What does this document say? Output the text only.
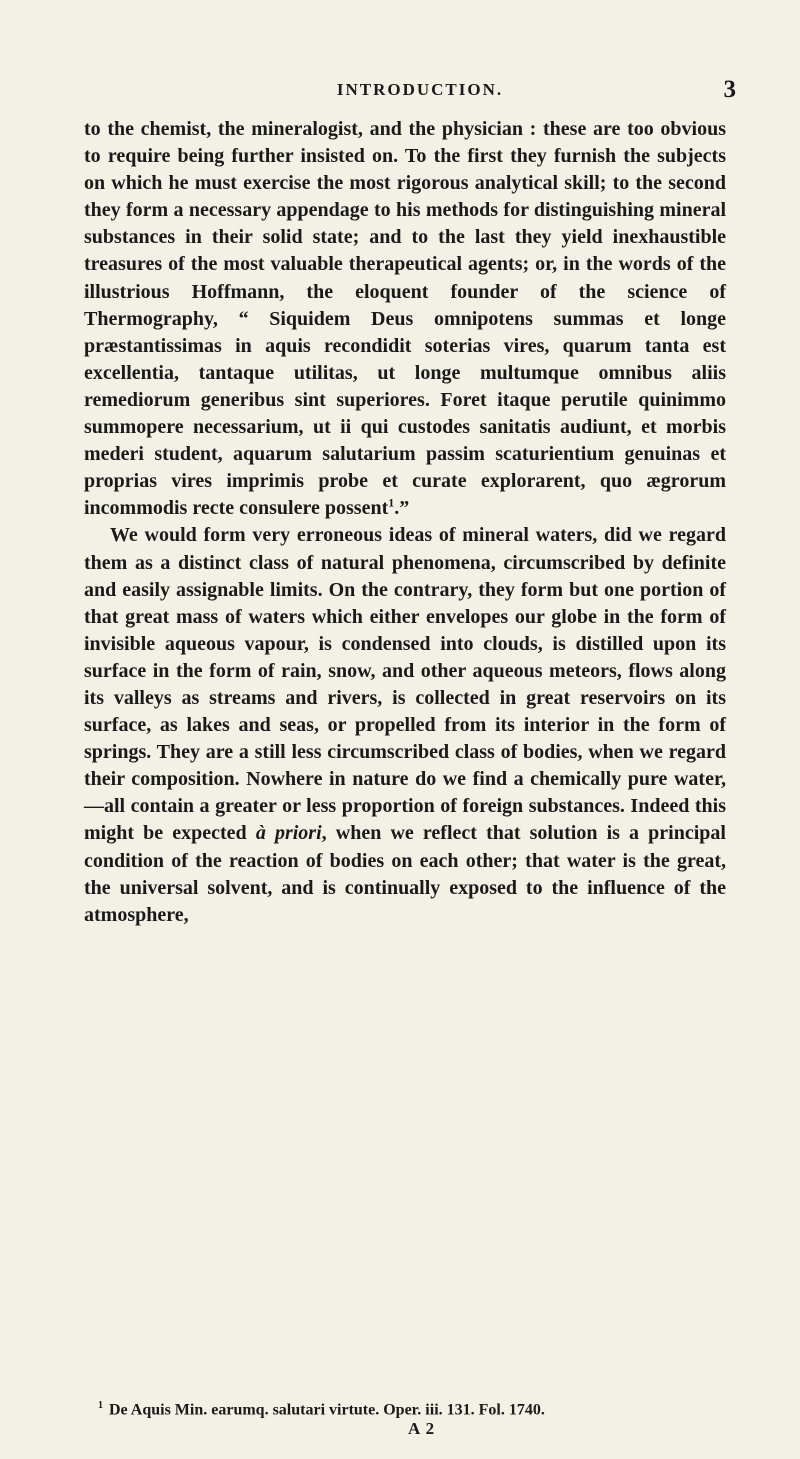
INTRODUCTION.	3

to the chemist, the mineralogist, and the physician : these are too obvious to require being further insisted on. To the first they furnish the subjects on which he must exercise the most rigorous analytical skill; to the second they form a necessary appendage to his methods for distinguishing mineral substances in their solid state; and to the last they yield inexhaustible treasures of the most valuable therapeutical agents; or, in the words of the illustrious Hoffmann, the eloquent founder of the science of Thermography, “ Siquidem Deus omnipotens summas et longe præstantissimas in aquis recondidit soterias vires, quarum tanta est excellentia, tantaque utilitas, ut longe multumque omnibus aliis remediorum generibus sint superiores. Foret itaque perutile quinimmo summopere necessarium, ut ii qui custodes sanitatis audiunt, et morbis mederi student, aquarum salutarium passim scaturientium genuinas et proprias vires imprimis probe et curate explorarent, quo ægrorum incommodis recte consulere possent$^1$.”

We would form very erroneous ideas of mineral waters, did we regard them as a distinct class of natural phenomena, circumscribed by definite and easily assignable limits. On the contrary, they form but one portion of that great mass of waters which either envelopes our globe in the form of invisible aqueous vapour, is condensed into clouds, is distilled upon its surface in the form of rain, snow, and other aqueous meteors, flows along its valleys as streams and rivers, is collected in great reservoirs on its surface, as lakes and seas, or propelled from its interior in the form of springs. They are a still less circumscribed class of bodies, when we regard their composition. Nowhere in nature do we find a chemically pure water,—all contain a greater or less proportion of foreign substances. Indeed this might be expected à priori, when we reflect that solution is a principal condition of the reaction of bodies on each other; that water is the great, the universal solvent, and is continually exposed to the influence of the atmosphere,

$^1$ De Aquis Min. earumq. salutari virtute. Oper. iii. 131. Fol. 1740.
A 2
